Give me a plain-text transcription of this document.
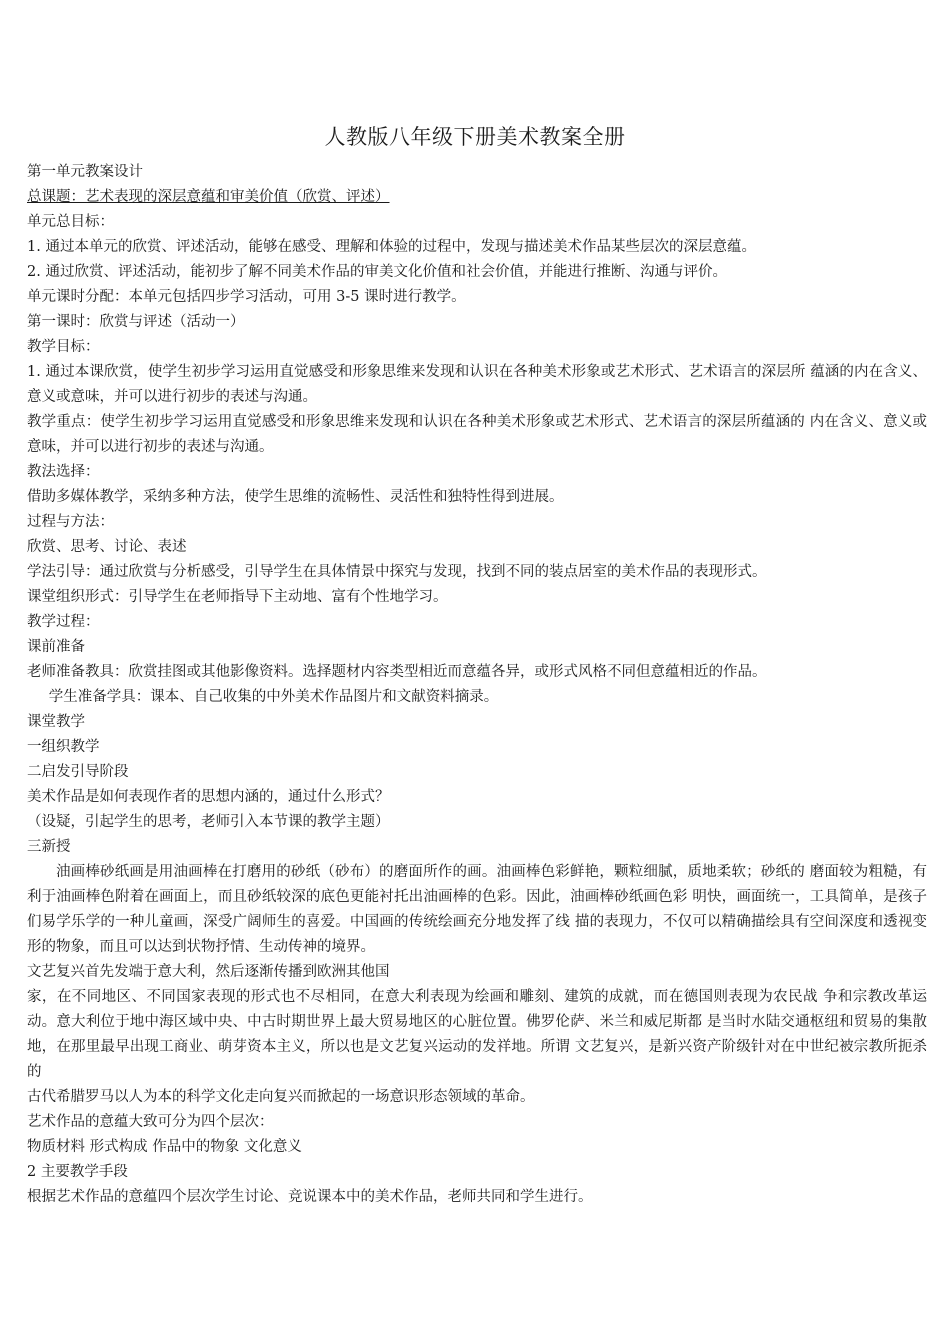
人教版八年级下册美术教案全册
第一单元教案设计
总课题：艺术表现的深层意蕴和审美价值（欣赏、评述）
单元总目标：
1. 通过本单元的欣赏、评述活动，能够在感受、理解和体验的过程中，发现与描述美术作品某些层次的深层意蕴。
2. 通过欣赏、评述活动，能初步了解不同美术作品的审美文化价值和社会价值，并能进行推断、沟通与评价。
单元课时分配：本单元包括四步学习活动，可用 3-5 课时进行教学。
第一课时：欣赏与评述（活动一）
教学目标：
1. 通过本课欣赏，使学生初步学习运用直觉感受和形象思维来发现和认识在各种美术形象或艺术形式、艺术语言的深层所 蕴涵的内在含义、意义或意味，并可以进行初步的表述与沟通。
教学重点：使学生初步学习运用直觉感受和形象思维来发现和认识在各种美术形象或艺术形式、艺术语言的深层所蕴涵的 内在含义、意义或意味，并可以进行初步的表述与沟通。
教法选择：
借助多媒体教学，采纳多种方法，使学生思维的流畅性、灵活性和独特性得到进展。
过程与方法：
欣赏、思考、讨论、表述
学法引导：通过欣赏与分析感受，引导学生在具体情景中探究与发现，找到不同的装点居室的美术作品的表现形式。
课堂组织形式：引导学生在老师指导下主动地、富有个性地学习。
教学过程：
课前准备
老师准备教具：欣赏挂图或其他影像资料。选择题材内容类型相近而意蕴各异，或形式风格不同但意蕴相近的作品。
学生准备学具：课本、自己收集的中外美术作品图片和文献资料摘录。
课堂教学
一组织教学
二启发引导阶段
美术作品是如何表现作者的思想内涵的，通过什么形式？
（设疑，引起学生的思考，老师引入本节课的教学主题）
三新授
油画棒砂纸画是用油画棒在打磨用的砂纸（砂布）的磨面所作的画。油画棒色彩鲜艳，颗粒细腻，质地柔软；砂纸的 磨面较为粗糙，有利于油画棒色附着在画面上，而且砂纸较深的底色更能衬托出油画棒的色彩。因此，油画棒砂纸画色彩 明快，画面统一，工具简单，是孩子们易学乐学的一种儿童画，深受广阔师生的喜爱。中国画的传统绘画充分地发挥了线 描的表现力，不仅可以精确描绘具有空间深度和透视变形的物象，而且可以达到状物抒情、生动传神的境界。
文艺复兴首先发端于意大利，然后逐渐传播到欧洲其他国
家，在不同地区、不同国家表现的形式也不尽相同，在意大利表现为绘画和雕刻、建筑的成就，而在德国则表现为农民战 争和宗教改革运动。意大利位于地中海区域中央、中古时期世界上最大贸易地区的心脏位置。佛罗伦萨、米兰和威尼斯都 是当时水陆交通枢纽和贸易的集散地，在那里最早出现工商业、萌芽资本主义，所以也是文艺复兴运动的发祥地。所谓 文艺复兴，是新兴资产阶级针对在中世纪被宗教所扼杀的
古代希腊罗马以人为本的科学文化走向复兴而掀起的一场意识形态领域的革命。
艺术作品的意蕴大致可分为四个层次：
物质材料 形式构成 作品中的物象 文化意义
2 主要教学手段
根据艺术作品的意蕴四个层次学生讨论、竞说课本中的美术作品，老师共同和学生进行。
